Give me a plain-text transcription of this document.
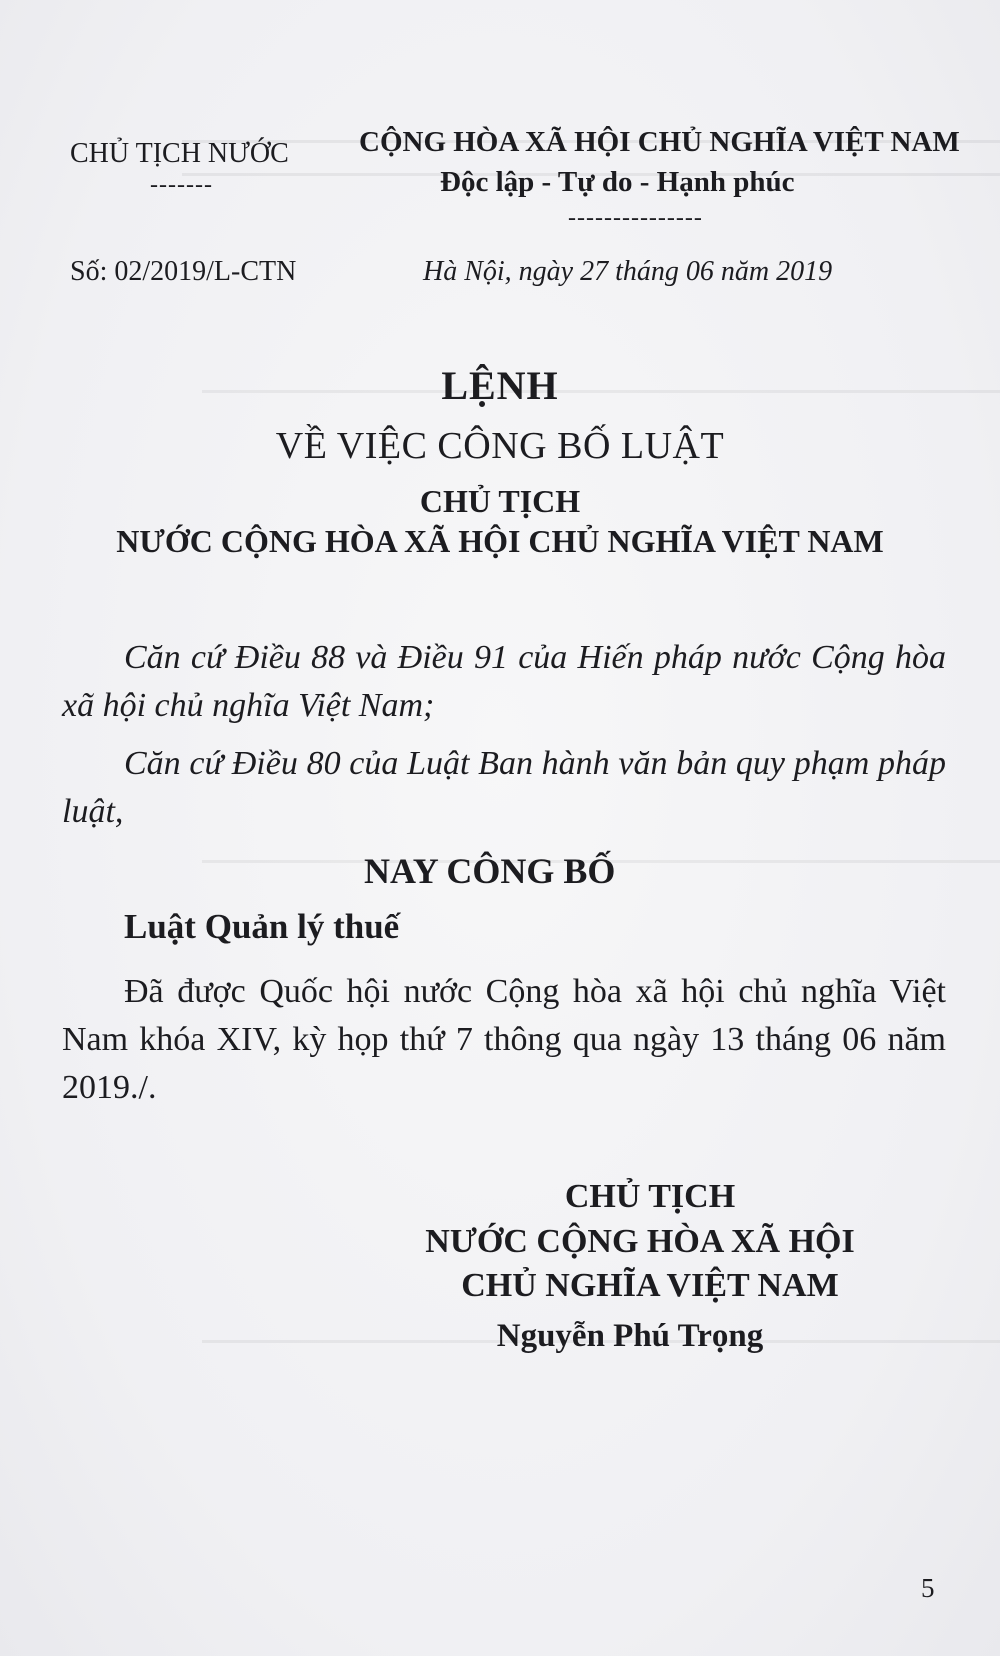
CHỦ TỊCH NƯỚC
-------
CỘNG HÒA XÃ HỘI CHỦ NGHĨA VIỆT NAM
Độc lập - Tự do - Hạnh phúc
---------------
Số: 02/2019/L-CTN	Hà Nội, ngày 27 tháng 06 năm 2019
LỆNH
VỀ VIỆC CÔNG BỐ LUẬT
CHỦ TỊCH
NƯỚC CỘNG HÒA XÃ HỘI CHỦ NGHĨA VIỆT NAM
Căn cứ Điều 88 và Điều 91 của Hiến pháp nước Cộng hòa xã hội chủ nghĩa Việt Nam;
Căn cứ Điều 80 của Luật Ban hành văn bản quy phạm pháp luật,
NAY CÔNG BỐ
Luật Quản lý thuế
Đã được Quốc hội nước Cộng hòa xã hội chủ nghĩa Việt Nam khóa XIV, kỳ họp thứ 7 thông qua ngày 13 tháng 06 năm 2019./.
CHỦ TỊCH
NƯỚC CỘNG HÒA XÃ HỘI
CHỦ NGHĨA VIỆT NAM
Nguyễn Phú Trọng
5
